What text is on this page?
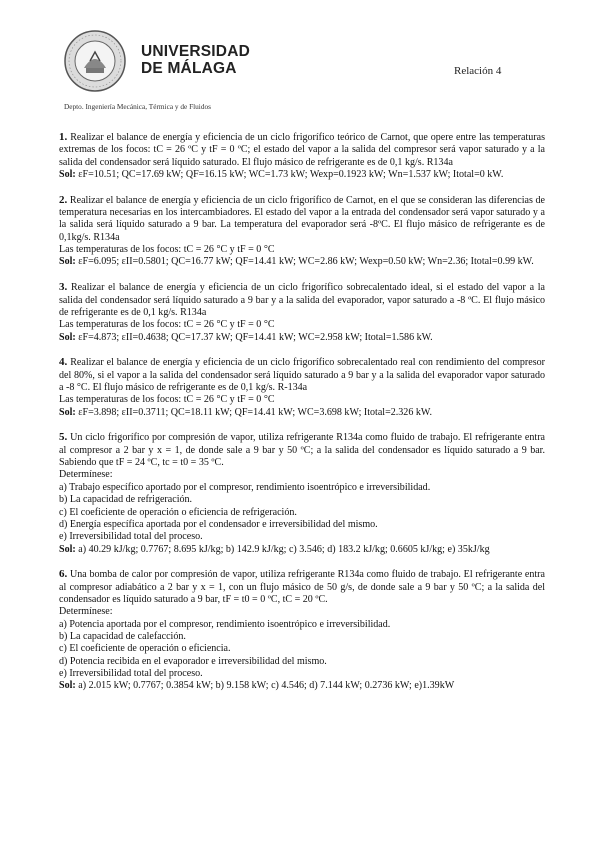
UNIVERSIDAD
DE MÁLAGA
Depto. Ingeniería Mecánica, Térmica y de Fluidos
Relación 4

1. Realizar el balance de energía y eficiencia de un ciclo frigorífico teórico de Carnot, que opere entre las temperaturas extremas de los focos: tC = 26 ºC y tF = 0 ºC; el estado del vapor a la salida del compresor será vapor saturado y a la salida del condensador será líquido saturado. El flujo másico de refrigerante es de 0,1 kg/s. R134a

Sol: εF=10.51; QC=17.69 kW; QF=16.15 kW; WC=1.73 kW; Wexp=0.1923 kW; Wn=1.537 kW; Itotal=0 kW.

2. Realizar el balance de energía y eficiencia de un ciclo frigorífico de Carnot, en el que se consideran las diferencias de temperatura necesarias en los intercambiadores. El estado del vapor a la entrada del condensador será vapor saturado y a la salida será líquido saturado a 9 bar. La temperatura del evaporador será -8ºC. El flujo másico de refrigerante es de 0,1kg/s. R134a

Las temperaturas de los focos: tC = 26 °C y tF = 0 °C

Sol: εF=6.095; εII=0.5801; QC=16.77 kW; QF=14.41 kW; WC=2.86 kW; Wexp=0.50 kW; Wn=2.36; Itotal=0.99 kW.

3. Realizar el balance de energía y eficiencia de un ciclo frigorífico sobrecalentado ideal, si el estado del vapor a la salida del condensador será líquido saturado a 9 bar y a la salida del evaporador, vapor saturado a -8 ºC. El flujo másico de refrigerante es de 0,1 kg/s. R134a

Las temperaturas de los focos: tC = 26 °C y tF = 0 °C

Sol: εF=4.873; εII=0.4638; QC=17.37 kW; QF=14.41 kW; WC=2.958 kW; Itotal=1.586 kW.

4. Realizar el balance de energía y eficiencia de un ciclo frigorífico sobrecalentado real con rendimiento del compresor del 80%, si el vapor a la salida del condensador será líquido saturado a 9 bar y a la salida del evaporador vapor saturado a -8 °C. El flujo másico de refrigerante es de 0,1 kg/s. R-134a

Las temperaturas de los focos: tC = 26 °C y tF = 0 °C

Sol: εF=3.898; εII=0.3711; QC=18.11 kW; QF=14.41 kW; WC=3.698 kW; Itotal=2.326 kW.

5. Un ciclo frigorífico por compresión de vapor, utiliza refrigerante R134a como fluido de trabajo. El refrigerante entra al compresor a 2 bar y x = 1, de donde sale a 9 bar y 50 ºC; a la salida del condensador es líquido saturado a 9 bar. Sabiendo que tF = 24 ºC, tc = t0 = 35 ºC.

Determínese:

a) Trabajo específico aportado por el compresor, rendimiento isoentrópico e irreversibilidad.

b) La capacidad de refrigeración.

c) El coeficiente de operación o eficiencia de refrigeración.

d) Energía específica aportada por el condensador e irreversibilidad del mismo.

e) Irreversibilidad total del proceso.

Sol: a) 40.29 kJ/kg; 0.7767; 8.695 kJ/kg; b) 142.9 kJ/kg; c) 3.546; d) 183.2 kJ/kg; 0.6605 kJ/kg; e) 35kJ/kg

6. Una bomba de calor por compresión de vapor, utiliza refrigerante R134a como fluido de trabajo. El refrigerante entra al compresor adiabático a 2 bar y x = 1, con un flujo másico de 50 g/s, de donde sale a 9 bar y 50 ºC; a la salida del condensador es líquido saturado a 9 bar, tF = t0 = 0 ºC, tC = 20 ºC.

Determínese:

a) Potencia aportada por el compresor, rendimiento isoentrópico e irreversibilidad.

b) La capacidad de calefacción.

c) El coeficiente de operación o eficiencia.

d) Potencia recibida en el evaporador e irreversibilidad del mismo.

e) Irreversibilidad total del proceso.

Sol: a) 2.015 kW; 0.7767; 0.3854 kW; b) 9.158 kW; c) 4.546; d) 7.144 kW; 0.2736 kW; e)1.39kW
